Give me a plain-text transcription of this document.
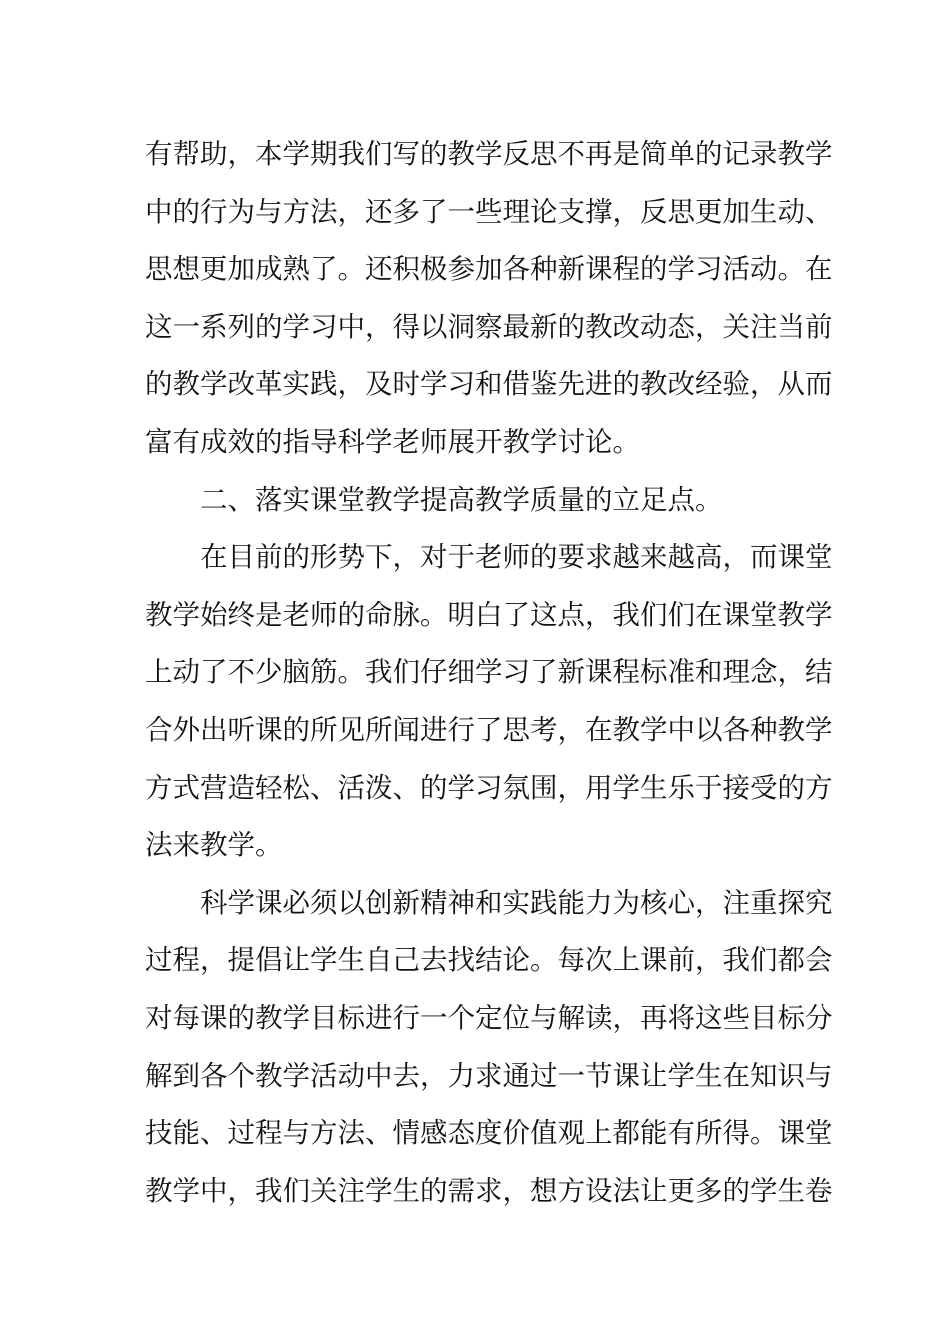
有帮助，本学期我们写的教学反思不再是简单的记录教学
中的行为与方法，还多了一些理论支撑，反思更加生动、
思想更加成熟了。还积极参加各种新课程的学习活动。在
这一系列的学习中，得以洞察最新的教改动态，关注当前
的教学改革实践，及时学习和借鉴先进的教改经验，从而
富有成效的指导科学老师展开教学讨论。
二、落实课堂教学提高教学质量的立足点。
在目前的形势下，对于老师的要求越来越高，而课堂
教学始终是老师的命脉。明白了这点，我们们在课堂教学
上动了不少脑筋。我们仔细学习了新课程标准和理念，结
合外出听课的所见所闻进行了思考，在教学中以各种教学
方式营造轻松、活泼、的学习氛围，用学生乐于接受的方
法来教学。
科学课必须以创新精神和实践能力为核心，注重探究
过程，提倡让学生自己去找结论。每次上课前，我们都会
对每课的教学目标进行一个定位与解读，再将这些目标分
解到各个教学活动中去，力求通过一节课让学生在知识与
技能、过程与方法、情感态度价值观上都能有所得。课堂
教学中，我们关注学生的需求，想方设法让更多的学生卷
